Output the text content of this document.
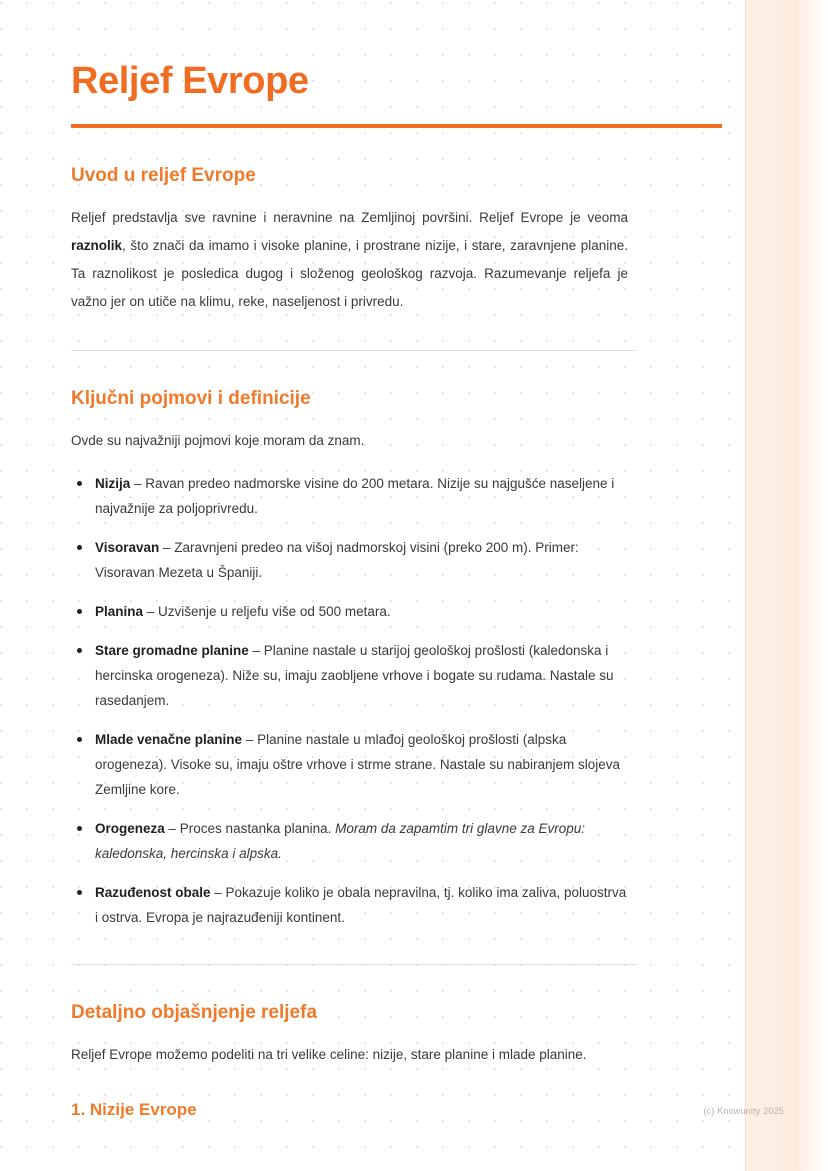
Reljef Evrope
Uvod u reljef Evrope

Reljef predstavlja sve ravnine i neravnine na Zemljinoj površini. Reljef Evrope je veoma raznolik, što znači da imamo i visoke planine, i prostrane nizije, i stare, zaravnjene planine. Ta raznolikost je posledica dugog i složenog geološkog razvoja. Razumevanje reljefa je važno jer on utiče na klimu, reke, naseljenost i privredu.

Ključni pojmovi i definicije

Ovde su najvažniji pojmovi koje moram da znam.

Nizija – Ravan predeo nadmorske visine do 200 metara. Nizije su najgušće naseljene i najvažnije za poljoprivredu.
Visoravan – Zaravnjeni predeo na višoj nadmorskoj visini (preko 200 m). Primer: Visoravan Mezeta u Španiji.
Planina – Uzvišenje u reljefu više od 500 metara.
Stare gromadne planine – Planine nastale u starijoj geološkoj prošlosti (kaledonska i hercinska orogeneza). Niže su, imaju zaobljene vrhove i bogate su rudama. Nastale su rasedanjem.
Mlade venačne planine – Planine nastale u mlađoj geološkoj prošlosti (alpska orogeneza). Visoke su, imaju oštre vrhove i strme strane. Nastale su nabiranjem slojeva Zemljine kore.
Orogeneza – Proces nastanka planina. Moram da zapamtim tri glavne za Evropu: kaledonska, hercinska i alpska.
Razuđenost obale – Pokazuje koliko je obala nepravilna, tj. koliko ima zaliva, poluostrva i ostrva. Evropa je najrazuđeniji kontinent.
Detaljno objašnjenje reljefa

Reljef Evrope možemo podeliti na tri velike celine: nizije, stare planine i mlade planine.

1. Nizije Evrope	(c) Knowunity 2025
